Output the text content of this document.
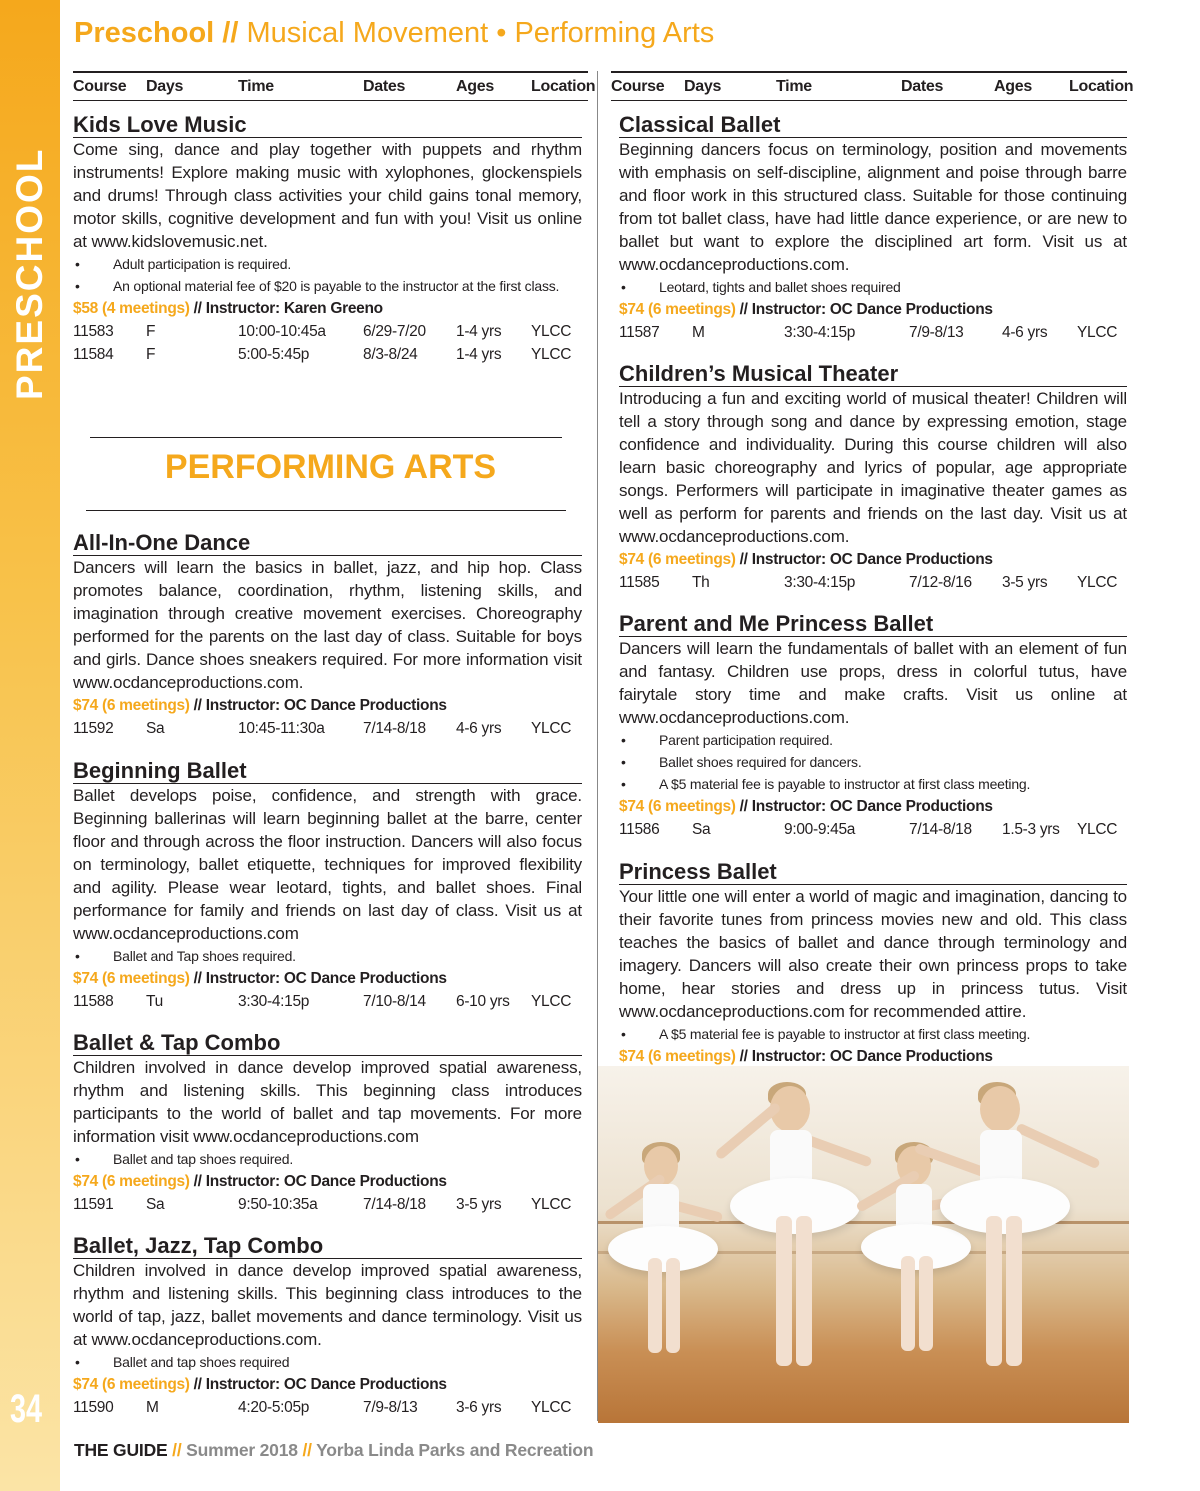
PRESCHOOL
34
Preschool // Musical Movement • Performing Arts
Course Days	Time	Dates	Ages Location Course Days	Time	Dates	Ages Location
Kids Love Music
Come sing, dance and play together with puppets and rhythm instruments! Explore making music with xylophones, glockenspiels and drums! Through class activities your child gains tonal memory, motor skills, cognitive development and fun with you! Visit us online at www.kidslovemusic.net.
• Adult participation is required.
• An optional material fee of $20 is payable to the instructor at the first class.
$58 (4 meetings) // Instructor: Karen Greeno
11583 F	10:00-10:45a 6/29-7/20 1-4 yrs YLCC
11584 F	5:00-5:45p	8/3-8/24 1-4 yrs YLCC
PERFORMING ARTS
All-In-One Dance
Dancers will learn the basics in ballet, jazz, and hip hop. Class promotes balance, coordination, rhythm, listening skills, and imagination through creative movement exercises. Choreography performed for the parents on the last day of class. Suitable for boys and girls. Dance shoes sneakers required. For more information visit www.ocdanceproductions.com.
$74 (6 meetings) // Instructor: OC Dance Productions
11592 Sa	10:45-11:30a 7/14-8/18 4-6 yrs YLCC
Beginning Ballet
Ballet develops poise, confidence, and strength with grace. Beginning ballerinas will learn beginning ballet at the barre, center floor and through across the floor instruction. Dancers will also focus on terminology, ballet etiquette, techniques for improved flexibility and agility. Please wear leotard, tights, and ballet shoes. Final performance for family and friends on last day of class. Visit us at www.ocdanceproductions.com
• Ballet and Tap shoes required.
$74 (6 meetings) // Instructor: OC Dance Productions
11588 Tu	3:30-4:15p	7/10-8/14 6-10 yrs YLCC
Ballet & Tap Combo
Children involved in dance develop improved spatial awareness, rhythm and listening skills. This beginning class introduces participants to the world of ballet and tap movements. For more information visit www.ocdanceproductions.com
• Ballet and tap shoes required.
$74 (6 meetings) // Instructor: OC Dance Productions
11591 Sa	9:50-10:35a	7/14-8/18 3-5 yrs YLCC
Ballet, Jazz, Tap Combo
Children involved in dance develop improved spatial awareness, rhythm and listening skills. This beginning class introduces to the world of tap, jazz, ballet movements and dance terminology. Visit us at www.ocdanceproductions.com.
• Ballet and tap shoes required
$74 (6 meetings) // Instructor: OC Dance Productions
11590 M	4:20-5:05p	7/9-8/13 3-6 yrs YLCC
Classical Ballet
Beginning dancers focus on terminology, position and movements with emphasis on self-discipline, alignment and poise through barre and floor work in this structured class. Suitable for those continuing from tot ballet class, have had little dance experience, or are new to ballet but want to explore the disciplined art form. Visit us at www.ocdanceproductions.com.
• Leotard, tights and ballet shoes required
$74 (6 meetings) // Instructor: OC Dance Productions
11587 M	3:30-4:15p	7/9-8/13 4-6 yrs YLCC
Children’s Musical Theater
Introducing a fun and exciting world of musical theater! Children will tell a story through song and dance by expressing emotion, stage confidence and individuality. During this course children will also learn basic choreography and lyrics of popular, age appropriate songs. Performers will participate in imaginative theater games as well as perform for parents and friends on the last day. Visit us at www.ocdanceproductions.com.
$74 (6 meetings) // Instructor: OC Dance Productions
11585 Th	3:30-4:15p	7/12-8/16 3-5 yrs YLCC
Parent and Me Princess Ballet
Dancers will learn the fundamentals of ballet with an element of fun and fantasy. Children use props, dress in colorful tutus, have fairytale story time and make crafts. Visit us online at www.ocdanceproductions.com.
• Parent participation required.
• Ballet shoes required for dancers.
• A $5 material fee is payable to instructor at first class meeting.
$74 (6 meetings) // Instructor: OC Dance Productions
11586 Sa	9:00-9:45a	7/14-8/18 1.5-3 yrs YLCC
Princess Ballet
Your little one will enter a world of magic and imagination, dancing to their favorite tunes from princess movies new and old. This class teaches the basics of ballet and dance through terminology and imagery. Dancers will also create their own princess props to take home, hear stories and dress up in princess tutus. Visit www.ocdanceproductions.com for recommended attire.
• A $5 material fee is payable to instructor at first class meeting.
$74 (6 meetings) // Instructor: OC Dance Productions
THE GUIDE // Summer 2018 // Yorba Linda Parks and Recreation
